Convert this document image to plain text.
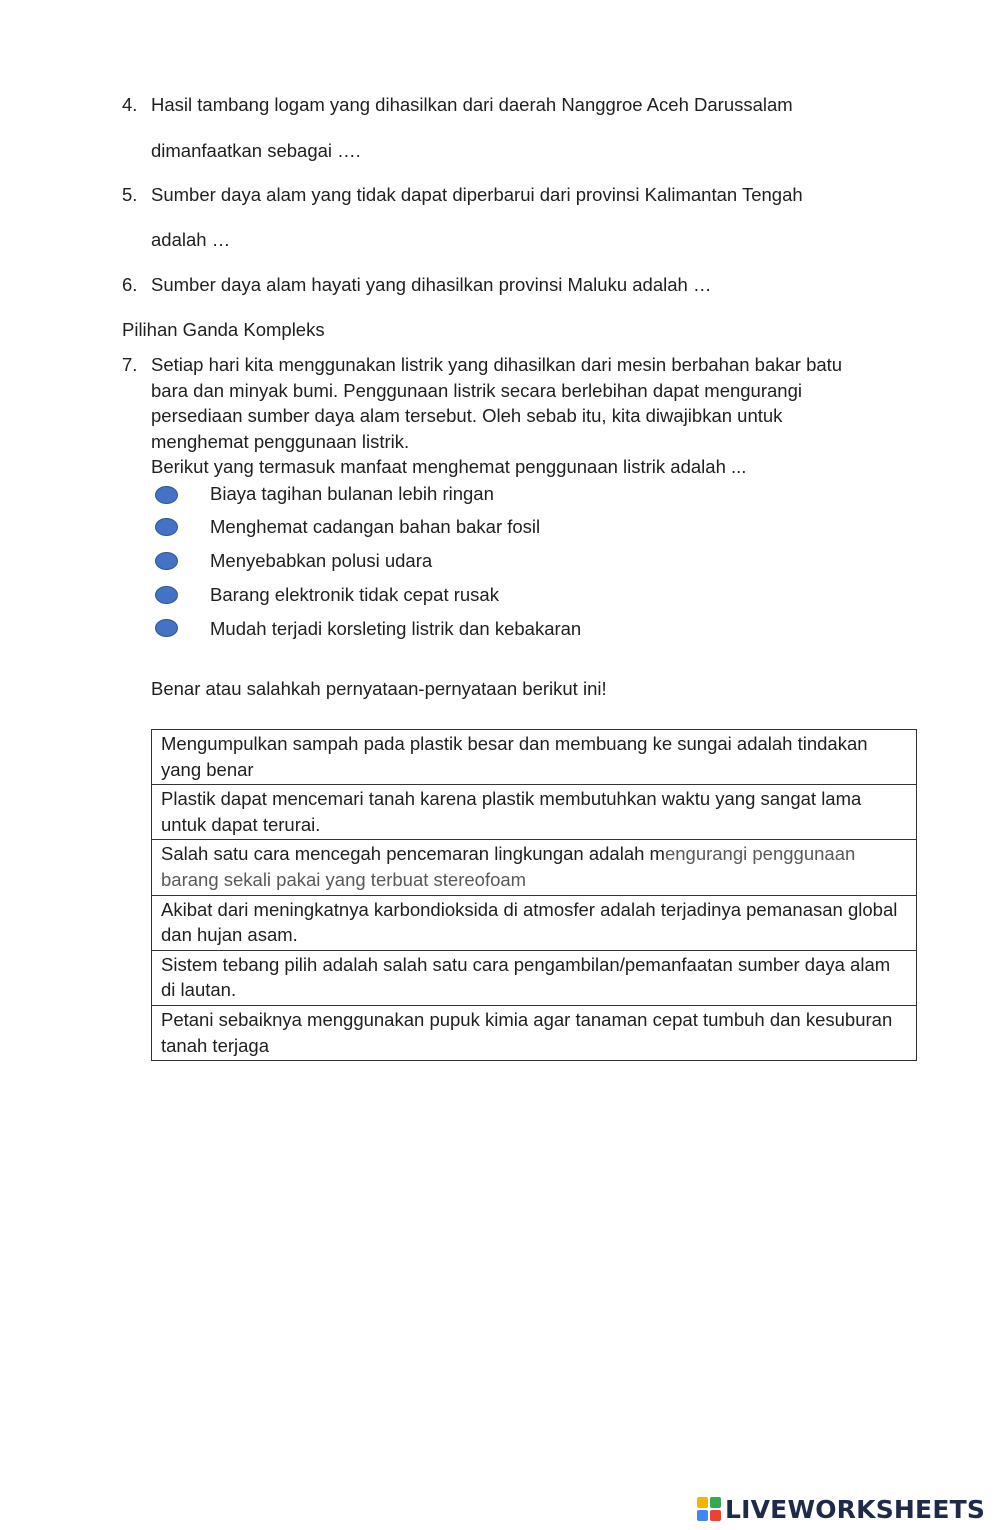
4. Hasil tambang logam yang dihasilkan dari daerah Nanggroe Aceh Darussalam
dimanfaatkan sebagai ….
5. Sumber daya alam yang tidak dapat diperbarui dari provinsi Kalimantan Tengah
adalah …
6. Sumber daya alam hayati yang dihasilkan provinsi Maluku adalah …
Pilihan Ganda Kompleks
7. Setiap hari kita menggunakan listrik yang dihasilkan dari mesin berbahan bakar batu
bara dan minyak bumi. Penggunaan listrik secara berlebihan dapat mengurangi
persediaan sumber daya alam tersebut. Oleh sebab itu, kita diwajibkan untuk
menghemat penggunaan listrik.
Berikut yang termasuk manfaat menghemat penggunaan listrik adalah ...
Biaya tagihan bulanan lebih ringan
Menghemat cadangan bahan bakar fosil
Menyebabkan polusi udara
Barang elektronik tidak cepat rusak
Mudah terjadi korsleting listrik dan kebakaran
Benar atau salahkah pernyataan-pernyataan berikut ini!
Mengumpulkan sampah pada plastik besar dan membuang ke sungai adalah tindakan yang benar
Plastik dapat mencemari tanah karena plastik membutuhkan waktu yang sangat lama untuk dapat terurai.
Salah satu cara mencegah pencemaran lingkungan adalah mengurangi penggunaan barang sekali pakai yang terbuat stereofoam
Akibat dari meningkatnya karbondioksida di atmosfer adalah terjadinya pemanasan global dan hujan asam.
Sistem tebang pilih adalah salah satu cara pengambilan/pemanfaatan sumber daya alam di lautan.
Petani sebaiknya menggunakan pupuk kimia agar tanaman cepat tumbuh dan kesuburan tanah terjaga
LIVEWORKSHEETS
